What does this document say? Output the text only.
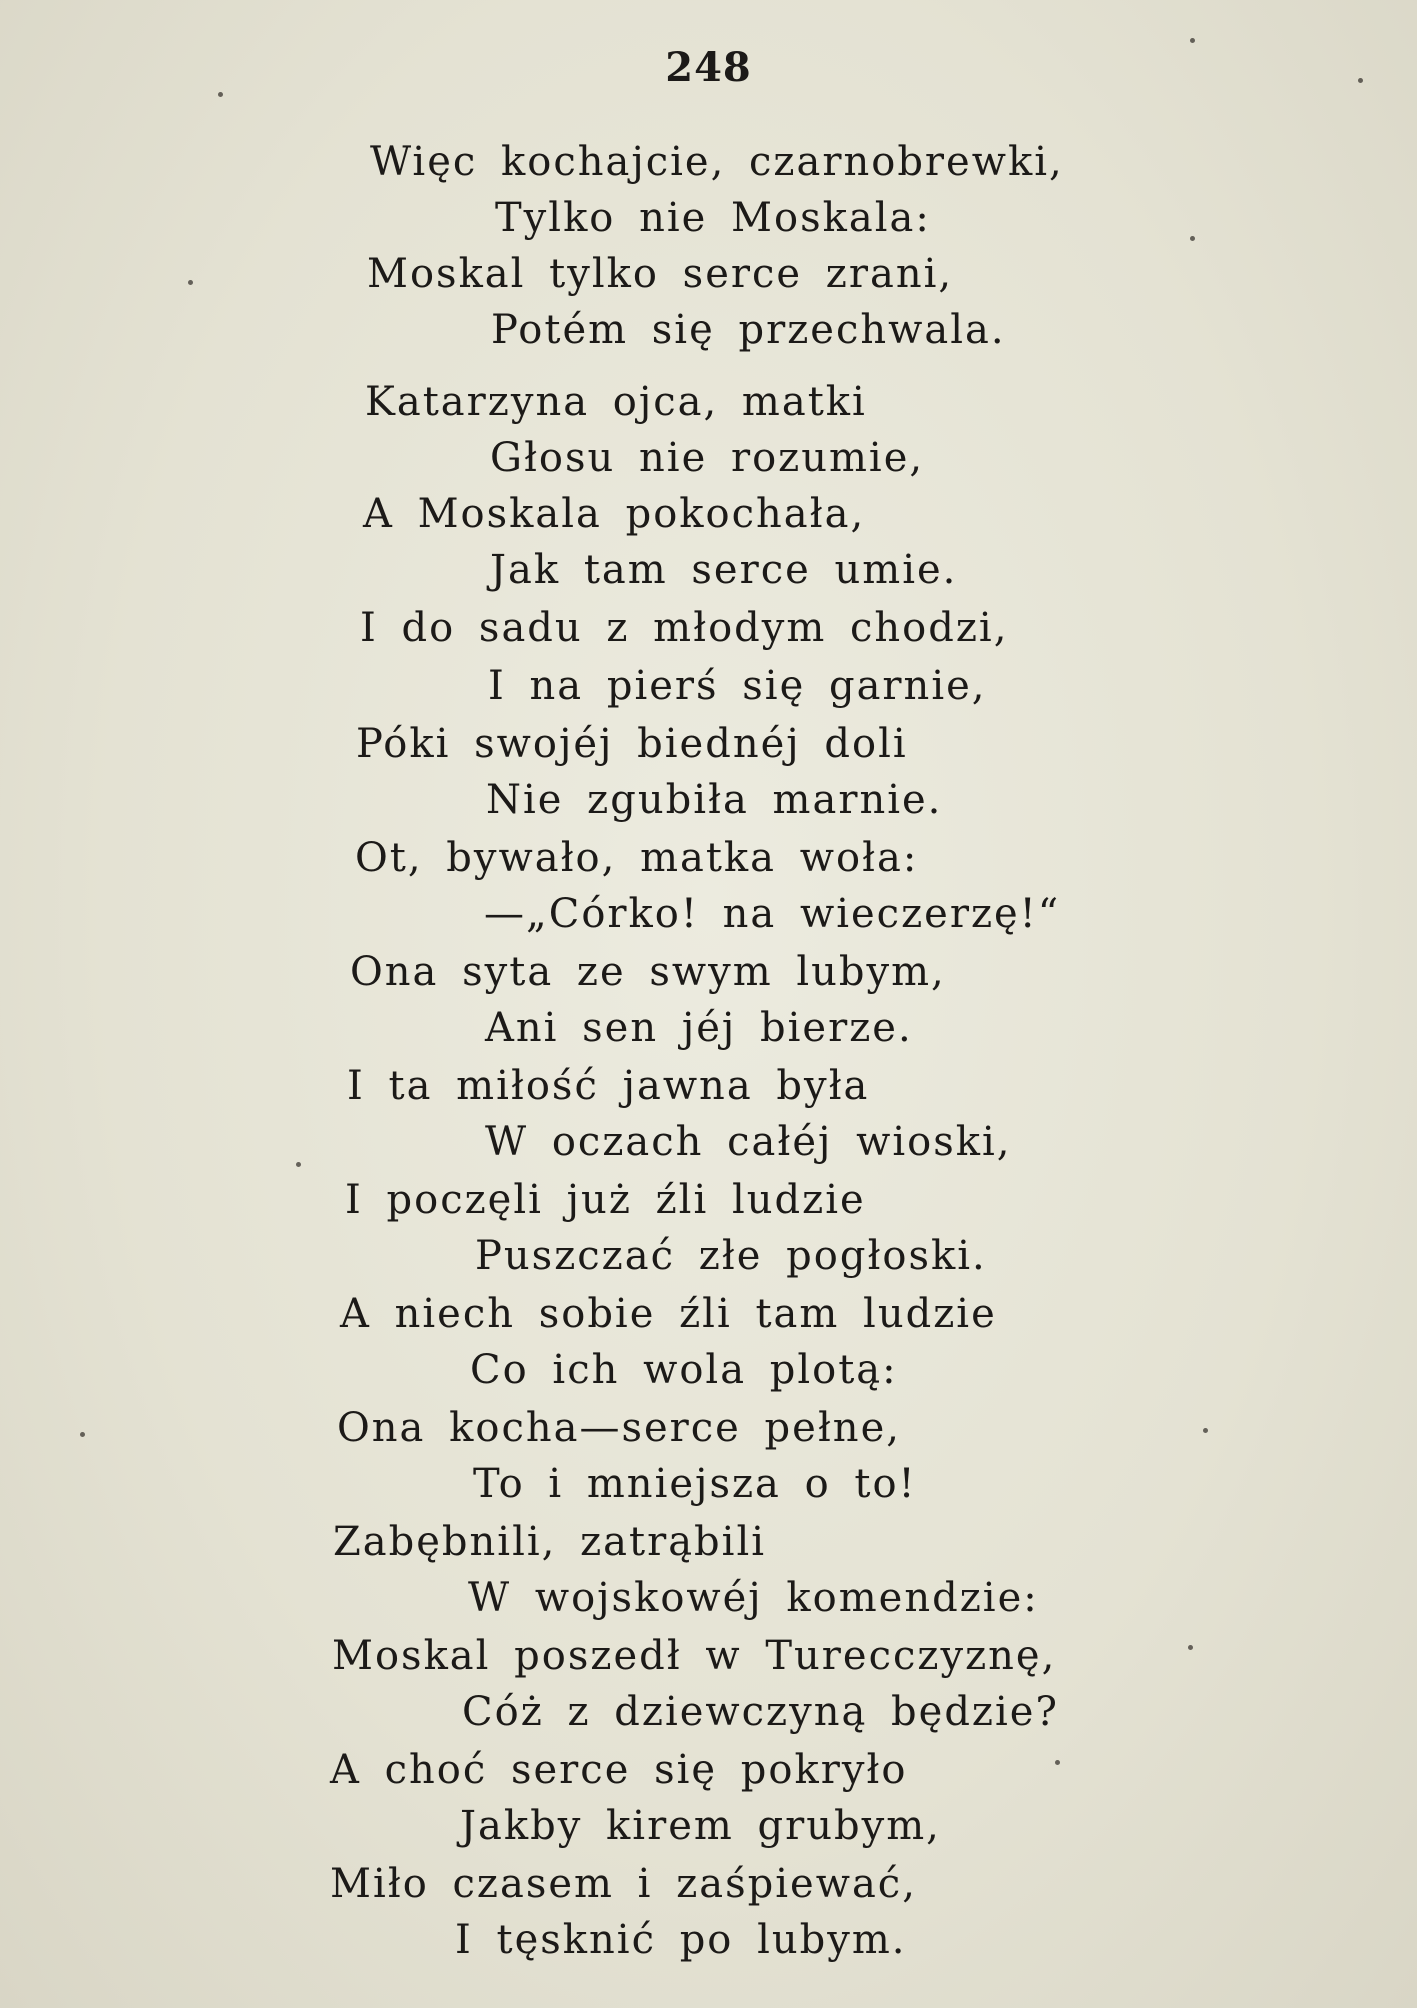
248
Więc kochajcie, czarnobrewki,
Tylko nie Moskala:
Moskal tylko serce zrani,
Potém się przechwala.
Katarzyna ojca, matki
Głosu nie rozumie,
A Moskala pokochała,
Jak tam serce umie.
I do sadu z młodym chodzi,
I na pierś się garnie,
Póki swojéj biednéj doli
Nie zgubiła marnie.
Ot, bywało, matka woła:
—„Córko! na wieczerzę!“
Ona syta ze swym lubym,
Ani sen jéj bierze.
I ta miłość jawna była
W oczach całéj wioski,
I poczęli już źli ludzie
Puszczać złe pogłoski.
A niech sobie źli tam ludzie
Co ich wola plotą:
Ona kocha—serce pełne,
To i mniejsza o to!
Zabębnili, zatrąbili
W wojskowéj komendzie:
Moskal poszedł w Turecczyznę,
Cóż z dziewczyną będzie?
A choć serce się pokryło
Jakby kirem grubym,
Miło czasem i zaśpiewać,
I tęsknić po lubym.
